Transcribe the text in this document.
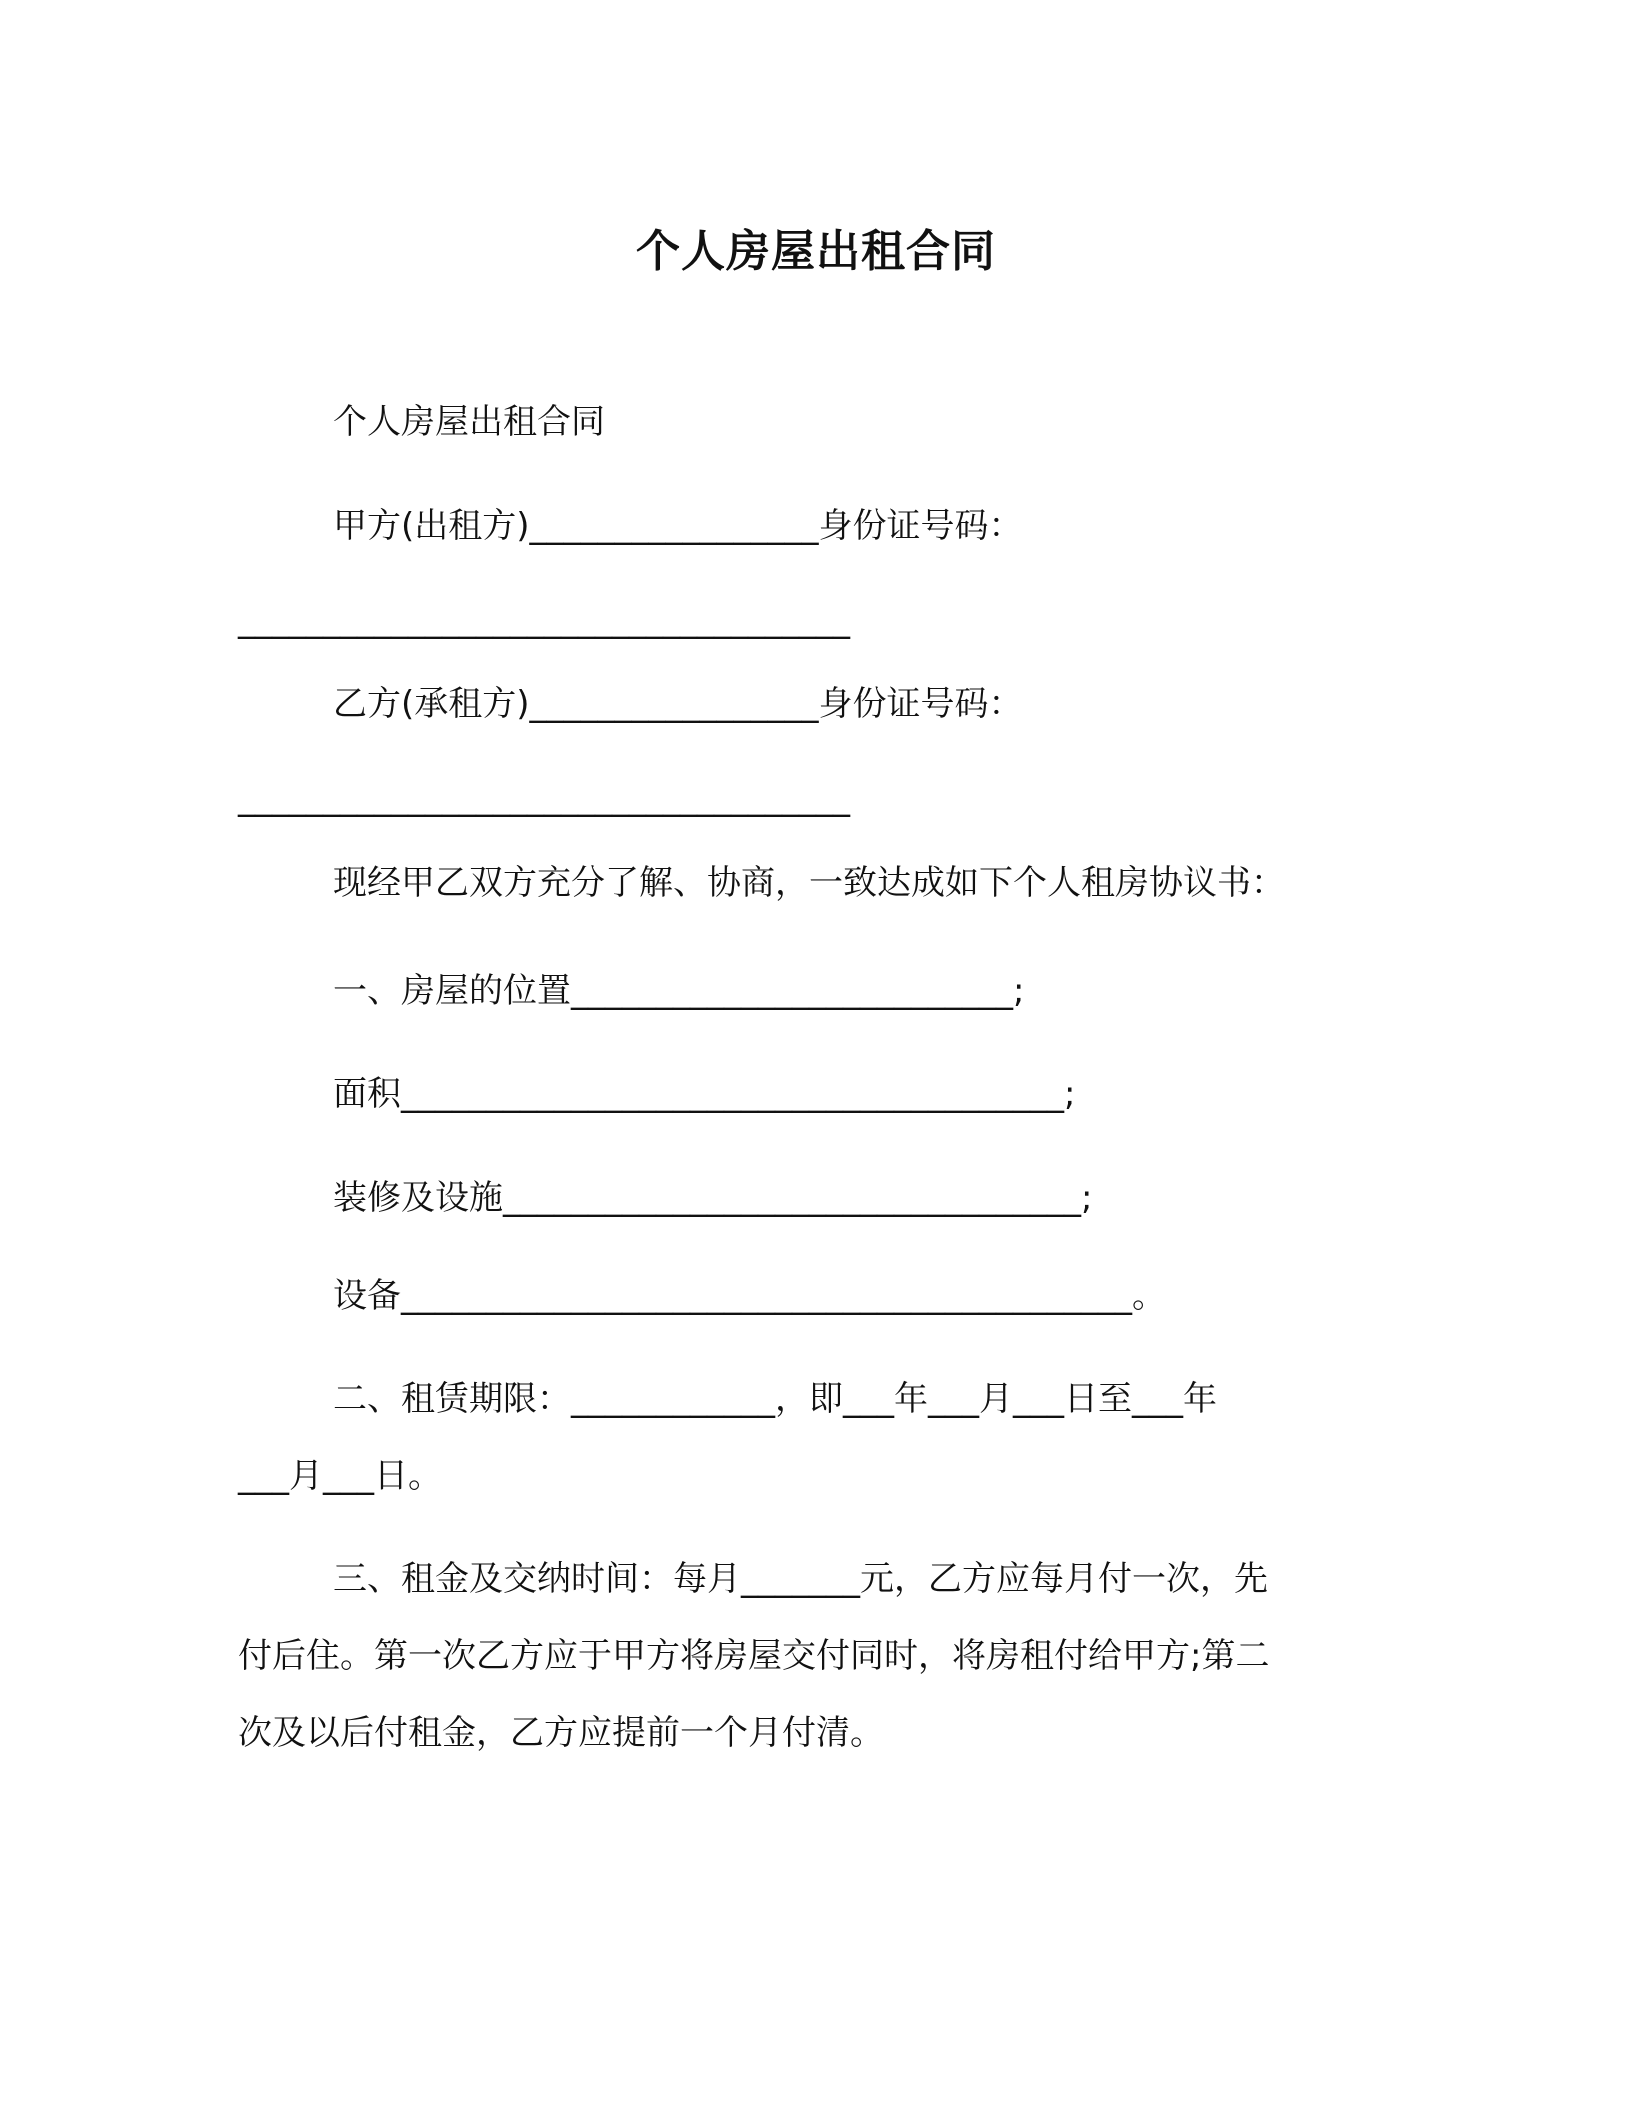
个人房屋出租合同
个人房屋出租合同
甲方(出租方)_________________身份证号码：
____________________________________
乙方(承租方)_________________身份证号码：
____________________________________
现经甲乙双方充分了解、协商，一致达成如下个人租房协议书：
一、房屋的位置__________________________;
面积_______________________________________;
装修及设施__________________________________;
设备___________________________________________。
二、租赁期限：____________，即___年___月___日至___年
___月___日。
三、租金及交纳时间：每月_______元，乙方应每月付一次，先
付后住。第一次乙方应于甲方将房屋交付同时，将房租付给甲方;第二
次及以后付租金，乙方应提前一个月付清。
